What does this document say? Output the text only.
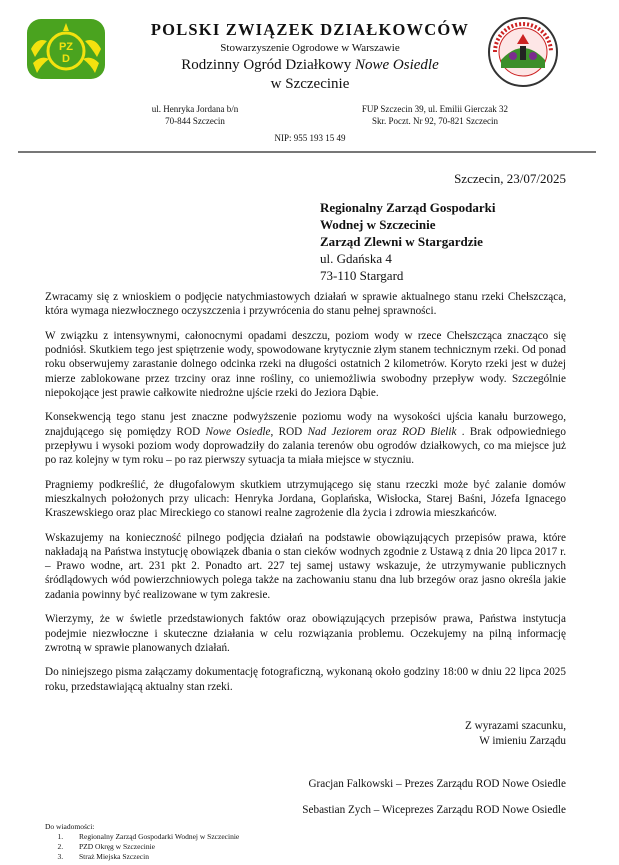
PZ
D
POLSKI ZWIĄZEK DZIAŁKOWCÓW
Stowarzyszenie Ogrodowe w Warszawie
Rodzinny Ogród Działkowy Nowe Osiedle
w Szczecinie
ul. Henryka Jordana b/n
70-844 Szczecin
FUP Szczecin 39, ul. Emilii Gierczak 32
Skr. Poczt. Nr 92, 70-821 Szczecin
NIP: 955 193 15 49
Szczecin, 23/07/2025
Regionalny Zarząd Gospodarki
Wodnej w Szczecinie
Zarząd Zlewni w Stargardzie
ul. Gdańska 4
73-110 Stargard

Zwracamy się z wnioskiem o podjęcie natychmiastowych działań w sprawie aktualnego stanu rzeki Chełszcząca, która wymaga niezwłocznego oczyszczenia i przywrócenia do stanu pełnej sprawności.

W związku z intensywnymi, całonocnymi opadami deszczu, poziom wody w rzece Chełszcząca znacząco się podniósł. Skutkiem tego jest spiętrzenie wody, spowodowane krytycznie złym stanem technicznym rzeki. Od ponad roku obserwujemy zarastanie dolnego odcinka rzeki na długości ostatnich 2 kilometrów. Koryto rzeki jest w dużej mierze zablokowane przez trzciny oraz inne rośliny, co uniemożliwia swobodny przepływ wody. Szczególnie niepokojące jest prawie całkowite niedrożne ujście rzeki do Jeziora Dąbie.

Konsekwencją tego stanu jest znaczne podwyższenie poziomu wody na wysokości ujścia kanału burzowego, znajdującego się pomiędzy ROD Nowe Osiedle, ROD Nad Jeziorem oraz ROD Bielik . Brak odpowiedniego przepływu i wysoki poziom wody doprowadziły do zalania terenów obu ogrodów działkowych, co ma miejsce już po raz kolejny w tym roku – po raz pierwszy sytuacja ta miała miejsce w styczniu.

Pragniemy podkreślić, że długofalowym skutkiem utrzymującego się stanu rzeczki może być zalanie domów mieszkalnych położonych przy ulicach: Henryka Jordana, Goplańska, Wisłocka, Starej Baśni, Józefa Ignacego Kraszewskiego oraz plac Mireckiego co stanowi realne zagrożenie dla życia i zdrowia mieszkańców.

Wskazujemy na konieczność pilnego podjęcia działań na podstawie obowiązujących przepisów prawa, które nakładają na Państwa instytucję obowiązek dbania o stan cieków wodnych zgodnie z Ustawą z dnia 20 lipca 2017 r. – Prawo wodne, art. 231 pkt 2. Ponadto art. 227 tej samej ustawy wskazuje, że utrzymywanie publicznych śródlądowych wód powierzchniowych polega także na zachowaniu stanu dna lub brzegów oraz jasno określa jakie zadania powinny być realizowane w tym zakresie.

Wierzymy, że w świetle przedstawionych faktów oraz obowiązujących przepisów prawa, Państwa instytucja podejmie niezwłoczne i skuteczne działania w celu rozwiązania problemu. Oczekujemy na pilną informację zwrotną w sprawie planowanych działań.

Do niniejszego pisma załączamy dokumentację fotograficzną, wykonaną około godziny 18:00 w dniu 22 lipca 2025 roku, przedstawiającą aktualny stan rzeki.

Z wyrazami szacunku,
W imieniu Zarządu
Gracjan Falkowski – Prezes Zarządu ROD Nowe Osiedle
Sebastian Zych – Wiceprezes Zarządu ROD Nowe Osiedle
Do wiadomości:
1. Regionalny Zarząd Gospodarki Wodnej w Szczecinie
2. PZD Okręg w Szczecinie
3. Straż Miejska Szczecin
